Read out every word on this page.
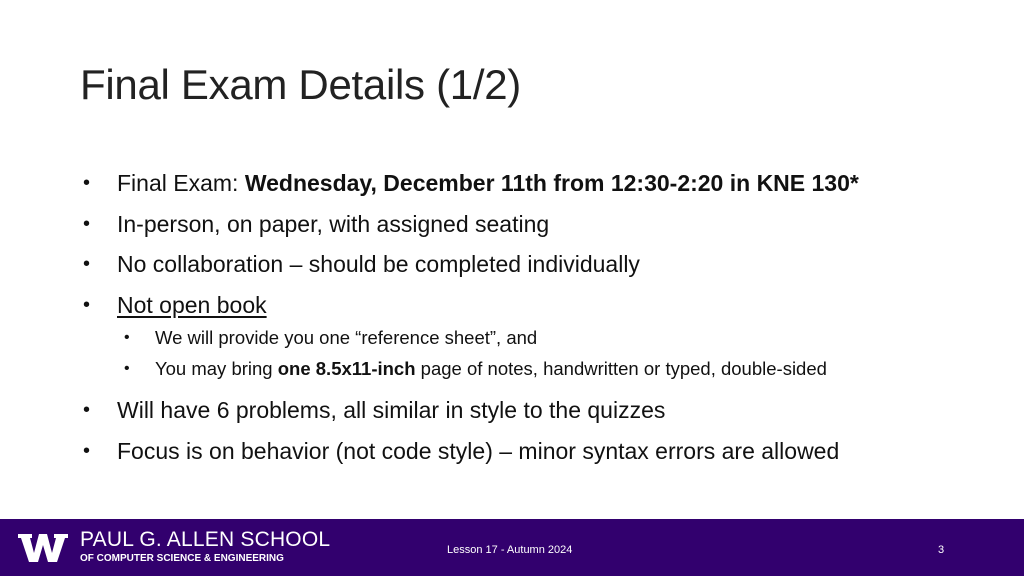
Final Exam Details (1/2)
• Final Exam: Wednesday, December 11th from 12:30-2:20 in KNE 130*
• In-person, on paper, with assigned seating
• No collaboration – should be completed individually
• Not open book
• We will provide you one “reference sheet”, and
• You may bring one 8.5x11-inch page of notes, handwritten or typed, double-sided
• Will have 6 problems, all similar in style to the quizzes
• Focus is on behavior (not code style) – minor syntax errors are allowed
PAUL G. ALLEN SCHOOL
OF COMPUTER SCIENCE & ENGINEERING
Lesson 17 - Autumn 2024	3
